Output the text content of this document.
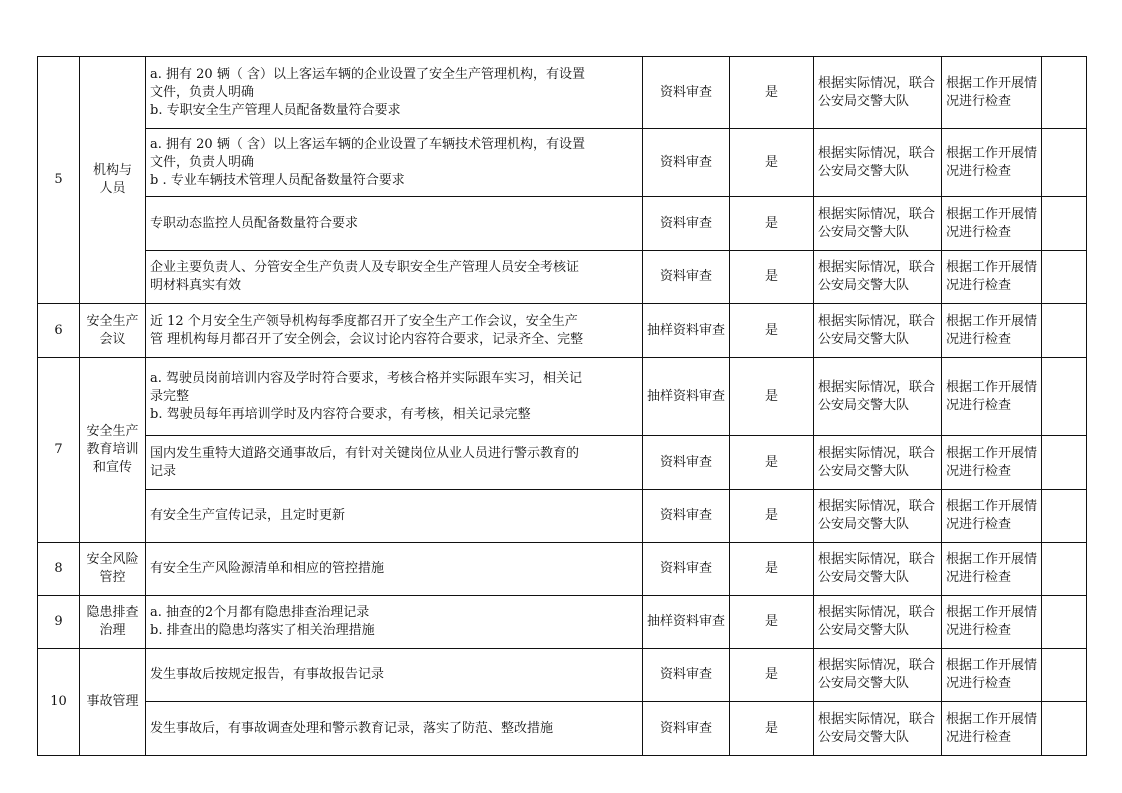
5	机构与
人员	a. 拥有 20 辆（ 含）以上客运车辆的企业设置了安全生产管理机构，有设置
文件，负责人明确
b. 专职安全生产管理人员配备数量符合要求	资料审查	是	根据实际情况，联合公安局交警大队	根据工作开展情况进行检查	

		a. 拥有 20 辆（ 含）以上客运车辆的企业设置了车辆技术管理机构，有设置
文件，负责人明确
b . 专业车辆技术管理人员配备数量符合要求	资料审查	是	根据实际情况，联合公安局交警大队	根据工作开展情况进行检查	

		专职动态监控人员配备数量符合要求	资料审查	是	根据实际情况，联合公安局交警大队	根据工作开展情况进行检查	

		企业主要负责人、分管安全生产负责人及专职安全生产管理人员安全考核证
明材料真实有效	资料审查	是	根据实际情况，联合公安局交警大队	根据工作开展情况进行检查	

6	安全生产
会议	近 12 个月安全生产领导机构每季度都召开了安全生产工作会议，安全生产
管 理机构每月都召开了安全例会，会议讨论内容符合要求，记录齐全、完整	抽样资料审查	是	根据实际情况，联合公安局交警大队	根据工作开展情况进行检查	

7	安全生产
教育培训
和宣传	a. 驾驶员岗前培训内容及学时符合要求，考核合格并实际跟车实习，相关记
录完整
b. 驾驶员每年再培训学时及内容符合要求，有考核，相关记录完整	抽样资料审查	是	根据实际情况，联合公安局交警大队	根据工作开展情况进行检查	

		国内发生重特大道路交通事故后，有针对关键岗位从业人员进行警示教育的
记录	资料审查	是	根据实际情况，联合公安局交警大队	根据工作开展情况进行检查	

		有安全生产宣传记录，且定时更新	资料审查	是	根据实际情况，联合公安局交警大队	根据工作开展情况进行检查	

8	安全风险
管控	有安全生产风险源清单和相应的管控措施	资料审查	是	根据实际情况，联合公安局交警大队	根据工作开展情况进行检查	

9	隐患排查
治理	a. 抽查的2个月都有隐患排查治理记录
b. 排查出的隐患均落实了相关治理措施	抽样资料审查	是	根据实际情况，联合公安局交警大队	根据工作开展情况进行检查	

10	事故管理	发生事故后按规定报告，有事故报告记录	资料审查	是	根据实际情况，联合公安局交警大队	根据工作开展情况进行检查	

		发生事故后，有事故调查处理和警示教育记录，落实了防范、整改措施	资料审查	是	根据实际情况，联合公安局交警大队	根据工作开展情况进行检查	
